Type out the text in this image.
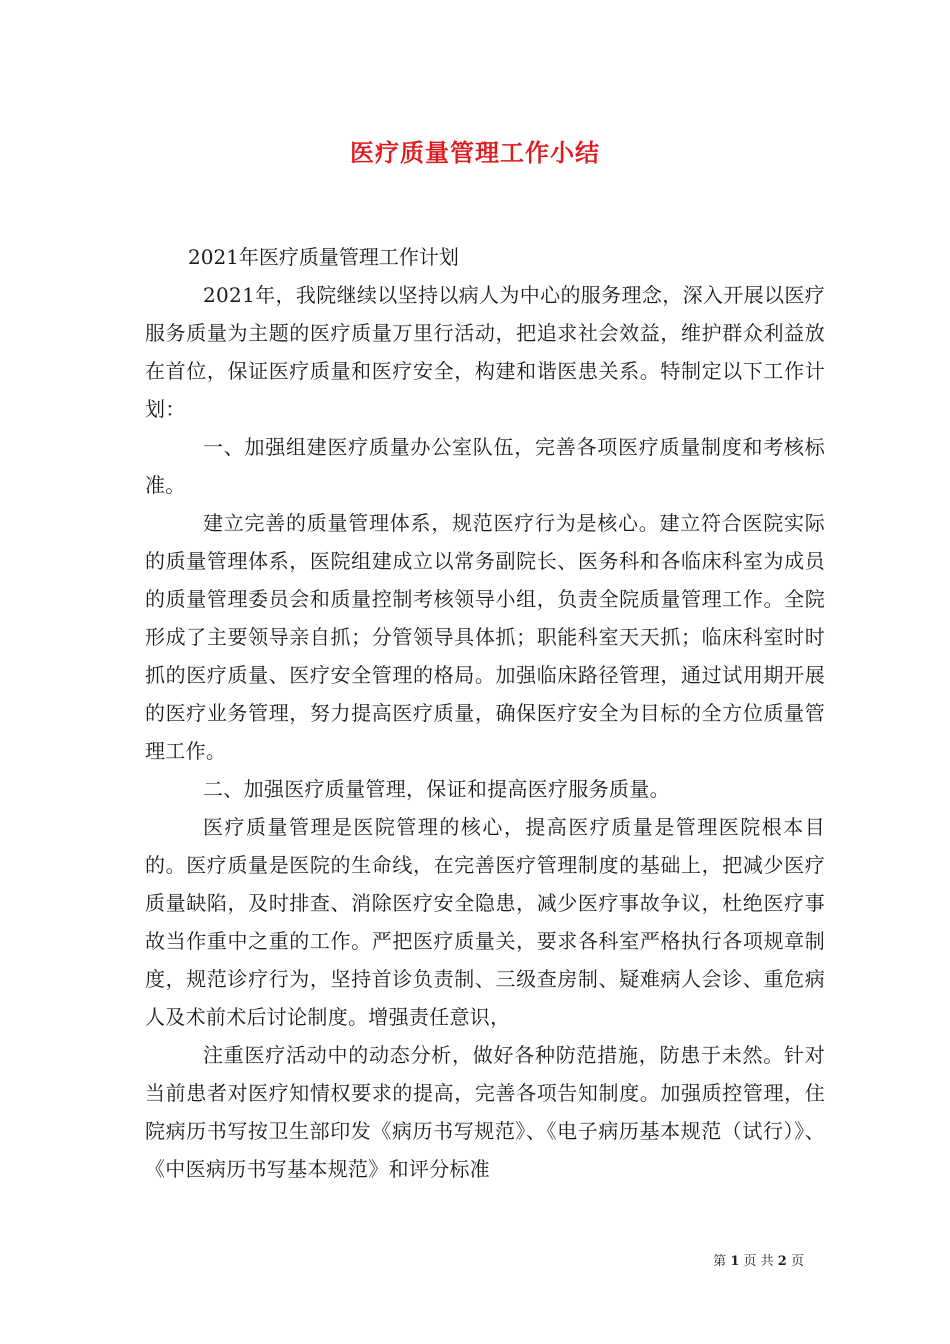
医疗质量管理工作小结

2021年医疗质量管理工作计划

2021年，我院继续以坚持以病人为中心的服务理念，深入开展以医疗服务质量为主题的医疗质量万里行活动，把追求社会效益，维护群众利益放在首位，保证医疗质量和医疗安全，构建和谐医患关系。特制定以下工作计划：

一、加强组建医疗质量办公室队伍，完善各项医疗质量制度和考核标准。

建立完善的质量管理体系，规范医疗行为是核心。建立符合医院实际的质量管理体系，医院组建成立以常务副院长、医务科和各临床科室为成员的质量管理委员会和质量控制考核领导小组，负责全院质量管理工作。全院形成了主要领导亲自抓；分管领导具体抓；职能科室天天抓；临床科室时时抓的医疗质量、医疗安全管理的格局。加强临床路径管理，通过试用期开展的医疗业务管理，努力提高医疗质量，确保医疗安全为目标的全方位质量管理工作。

二、加强医疗质量管理，保证和提高医疗服务质量。

医疗质量管理是医院管理的核心，提高医疗质量是管理医院根本目的。医疗质量是医院的生命线，在完善医疗管理制度的基础上，把减少医疗质量缺陷，及时排查、消除医疗安全隐患，减少医疗事故争议，杜绝医疗事故当作重中之重的工作。严把医疗质量关，要求各科室严格执行各项规章制度，规范诊疗行为，坚持首诊负责制、三级查房制、疑难病人会诊、重危病人及术前术后讨论制度。增强责任意识，

注重医疗活动中的动态分析，做好各种防范措施，防患于未然。针对当前患者对医疗知情权要求的提高，完善各项告知制度。加强质控管理，住院病历书写按卫生部印发《病历书写规范》、《电子病历基本规范（试行）》、《中医病历书写基本规范》和评分标准

第 1 页 共 2 页
